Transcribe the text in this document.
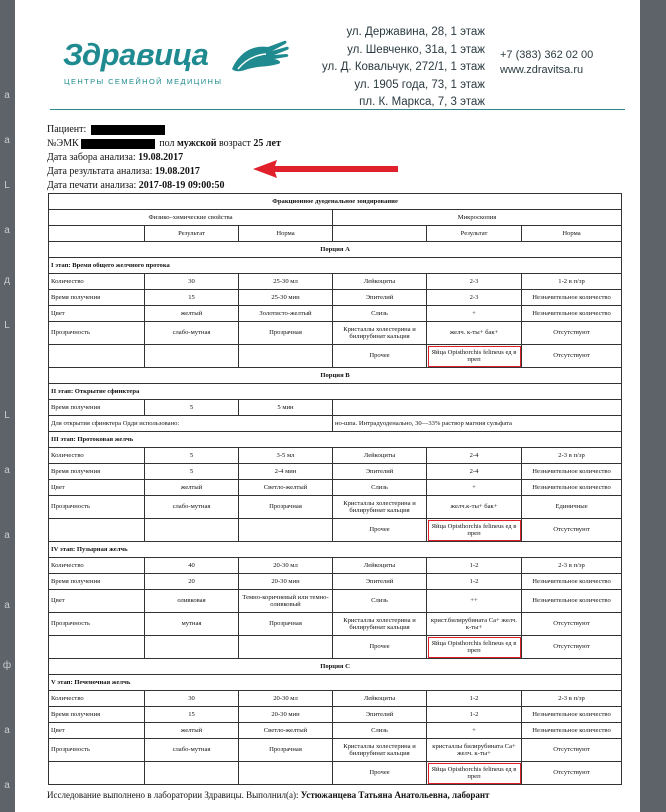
a
a
L
а
д
L
L
а
а
а
ф
а
а
Здравица
ЦЕНТРЫ СЕМЕЙНОЙ МЕДИЦИНЫ
ул. Державина, 28, 1 этаж
ул. Шевченко, 31а, 1 этаж
ул. Д. Ковальчук, 272/1, 1 этаж
ул. 1905 года, 73, 1 этаж
пл. К. Маркса, 7, 3 этаж
+7 (383) 362 02 00
www.zdravitsa.ru
Пациент:
№ЭМК	пол мужской возраст 25 лет
Дата забора анализа: 19.08.2017
Дата результата анализа: 19.08.2017
Дата печати анализа: 2017-08-19 09:00:50
Фракционное дуоденальное зондирование					
Физико–химические свойства			Микроскопия		
	Результат	Норма		Результат	Норма
Порция А					
I этап: Время общего желчного протока					
Количество	30	25-30 мл	Лейкоциты	2-3	1-2 в п/зр
Время получения	15	25-30 мин	Эпителий	2-3	Незначительное количество
Цвет	желтый	Золотисто-желтый	Слизь	+	Незначительное количество
Прозрачность	слабо-мутная	Прозрачная	Кристаллы холестерина и билирубинат кальция	желч. к-ты+ бак+	Отсутствуют
			Прочее	Яйца Opisthorchis felineus ед в преп	Отсутствуют
Порция В					
II этап: Открытие сфинктера					
Время получения	5	5 мин			
Для открытия сфинктера Одди использовано:			но-шпа. Интрадуоденально, 30—33% раствор магния сульфата		
III этап: Протоковая желчь					
Количество	5	3-5 мл	Лейкоциты	2-4	2-3 в п/зр
Время получения	5	2-4 мин	Эпителий	2-4	Незначительное количество
Цвет	желтый	Светло-желтый	Слизь	+	Незначительное количество
Прозрачность	слабо-мутная	Прозрачная	Кристаллы холестерина и билирубинат кальция	желч.к-ты+ бак+	Единичные
			Прочее	Яйца Opisthorchis felineus ед в преп	Отсутствуют
IV этап: Пузырная желчь					
Количество	40	20-30 мл	Лейкоциты	1-2	2-3 в п/зр
Время получения	20	20-30 мин	Эпителий	1-2	Незначительное количество
Цвет	оливковая	Темно-коричневый или темно-оливковый	Слизь	++	Незначительное количество
Прозрачность	мутная	Прозрачная	Кристаллы холестерина и билирубинат кальция	крист.билирубината Са+ желч. к-ты+	Отсутствуют
			Прочее	Яйца Opisthorchis felineus ед в преп	Отсутствуют
Порция С					
V этап: Печеночная желчь					
Количество	30	20-30 мл	Лейкоциты	1-2	2-3 в п/зр
Время получения	15	20-30 мин	Эпителий	1-2	Незначительное количество
Цвет	желтый	Светло-желтый	Слизь	+	Незначительное количество
Прозрачность	слабо-мутная	Прозрачная	Кристаллы холестерина и билирубинат кальция	кристаллы билирубината Са+ желч. к-ты+	Отсутствуют
			Прочее	Яйца Opisthorchis felineus ед в преп	Отсутствуют
Исследование выполнено в лаборатории Здравицы. Выполнил(а): Устюжанцева Татьяна Анатольевна, лаборант
